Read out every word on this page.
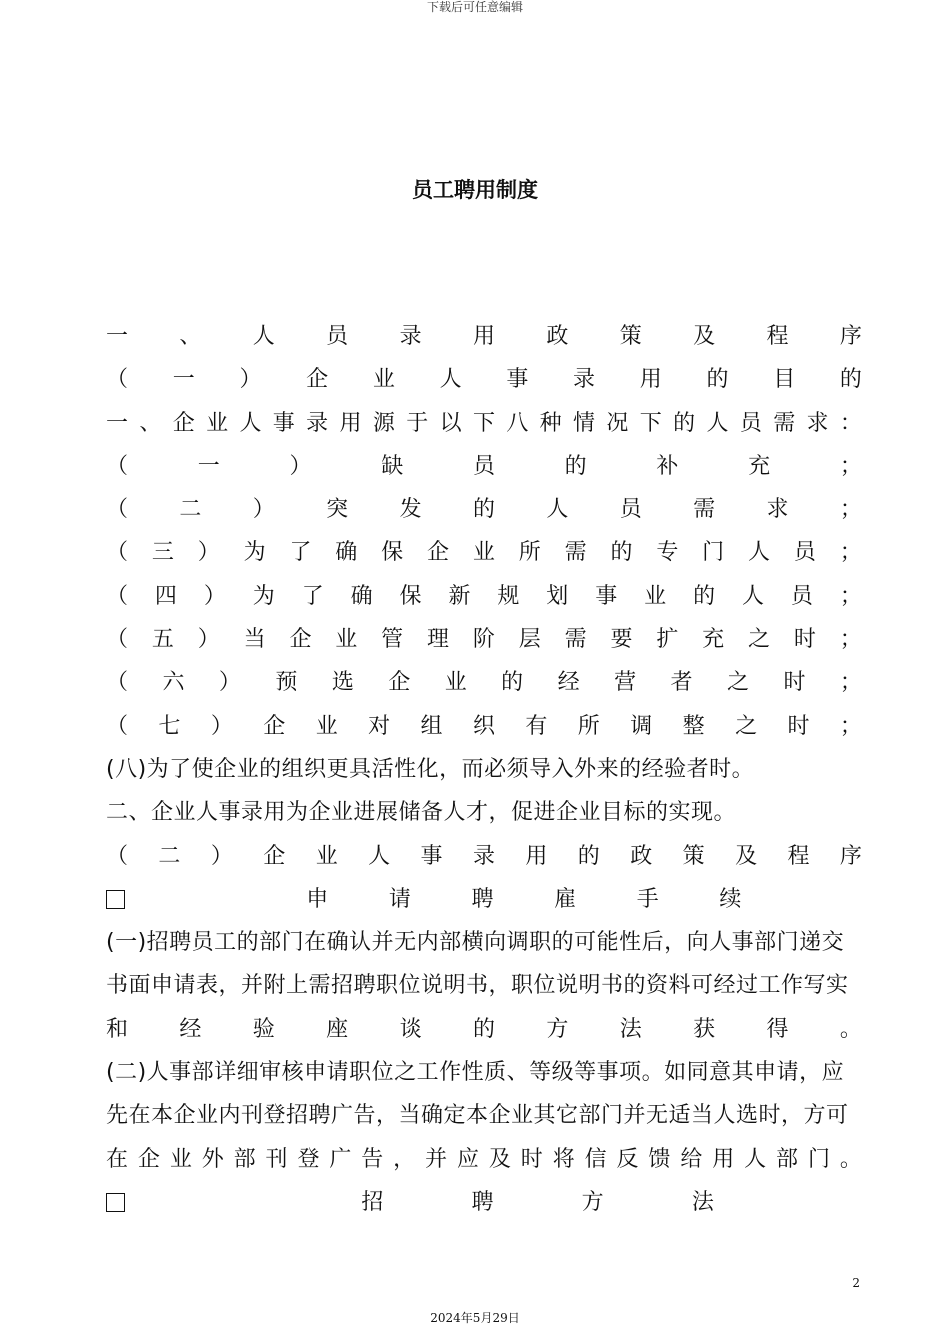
下载后可任意编辑
员工聘用制度
一 、 人 员 录 用 政 策 及 程 序
（ 一 ） 企 业 人 事 录 用 的 目 的
一 、 企 业 人 事 录 用 源 于 以 下 八 种 情 况 下 的 人 员 需 求 ：
（	一	）	缺	员	的	补	充	；
（ 二 ） 突 发 的 人 员 需 求 ；
（ 三 ） 为 了 确 保 企 业 所 需 的 专 门 人 员 ；
（ 四 ） 为 了 确 保 新 规 划 事 业 的 人 员 ；
（ 五 ） 当 企 业 管 理 阶 层 需 要 扩 充 之 时 ；
（ 六 ） 预 选 企 业 的 经 营 者 之 时 ；
（ 七 ） 企 业 对 组 织 有 所 调 整 之 时 ；
(八)为了使企业的组织更具活性化，而必须导入外来的经验者时。
二、企业人事录用为企业进展储备人才，促进企业目标的实现。
（ 二 ） 企 业 人 事 录 用 的 政 策 及 程 序
申	请	聘	雇	手	续
(一)招聘员工的部门在确认并无内部横向调职的可能性后，向人事部门递交
书面申请表，并附上需招聘职位说明书，职位说明书的资料可经过工作写实
和 经 验 座 谈 的 方 法 获 得 。
(二)人事部详细审核申请职位之工作性质、等级等事项。如同意其申请，应
先在本企业内刊登招聘广告，当确定本企业其它部门并无适当人选时，方可
在 企 业 外 部 刊 登 广 告 ， 并 应 及 时 将 信 反 馈 给 用 人 部 门 。
招	聘	方	法
2
2024年5月29日
